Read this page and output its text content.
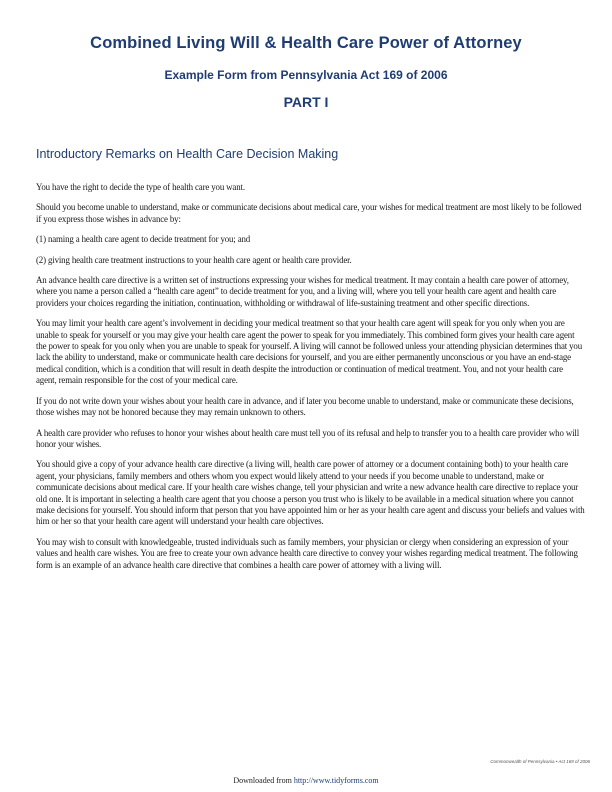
Combined Living Will & Health Care Power of Attorney
Example Form from Pennsylvania Act 169 of 2006
PART I
Introductory Remarks on Health Care Decision Making

You have the right to decide the type of health care you want.

Should you become unable to understand, make or communicate decisions about medical care, your wishes for medical treatment are most likely to be followed if you express those wishes in advance by:

(1) naming a health care agent to decide treatment for you; and

(2) giving health care treatment instructions to your health care agent or health care provider.

An advance health care directive is a written set of instructions expressing your wishes for medical treatment. It may contain a health care power of attorney, where you name a person called a “health care agent” to decide treatment for you, and a living will, where you tell your health care agent and health care providers your choices regarding the initiation, continuation, withholding or withdrawal of life-sustaining treatment and other specific directions.

You may limit your health care agent’s involvement in deciding your medical treatment so that your health care agent will speak for you only when you are unable to speak for yourself or you may give your health care agent the power to speak for you immediately. This combined form gives your health care agent the power to speak for you only when you are unable to speak for yourself. A living will cannot be followed unless your attending physician determines that you lack the ability to understand, make or communicate health care decisions for yourself, and you are either permanently unconscious or you have an end-stage medical condition, which is a condition that will result in death despite the introduction or continuation of medical treatment. You, and not your health care agent, remain responsible for the cost of your medical care.

If you do not write down your wishes about your health care in advance, and if later you become unable to understand, make or communicate these decisions, those wishes may not be honored because they may remain unknown to others.

A health care provider who refuses to honor your wishes about health care must tell you of its refusal and help to transfer you to a health care provider who will honor your wishes.

You should give a copy of your advance health care directive (a living will, health care power of attorney or a document containing both) to your health care agent, your physicians, family members and others whom you expect would likely attend to your needs if you become unable to understand, make or communicate decisions about medical care. If your health care wishes change, tell your physician and write a new advance health care directive to replace your old one. It is important in selecting a health care agent that you choose a person you trust who is likely to be available in a medical situation where you cannot make decisions for yourself. You should inform that person that you have appointed him or her as your health care agent and discuss your beliefs and values with him or her so that your health care agent will understand your health care objectives.

You may wish to consult with knowledgeable, trusted individuals such as family members, your physician or clergy when considering an expression of your values and health care wishes. You are free to create your own advance health care directive to convey your wishes regarding medical treatment. The following form is an example of an advance health care directive that combines a health care power of attorney with a living will.

Commonwealth of Pennsylvania • Act 169 of 2006
Downloaded from http://www.tidyforms.com
